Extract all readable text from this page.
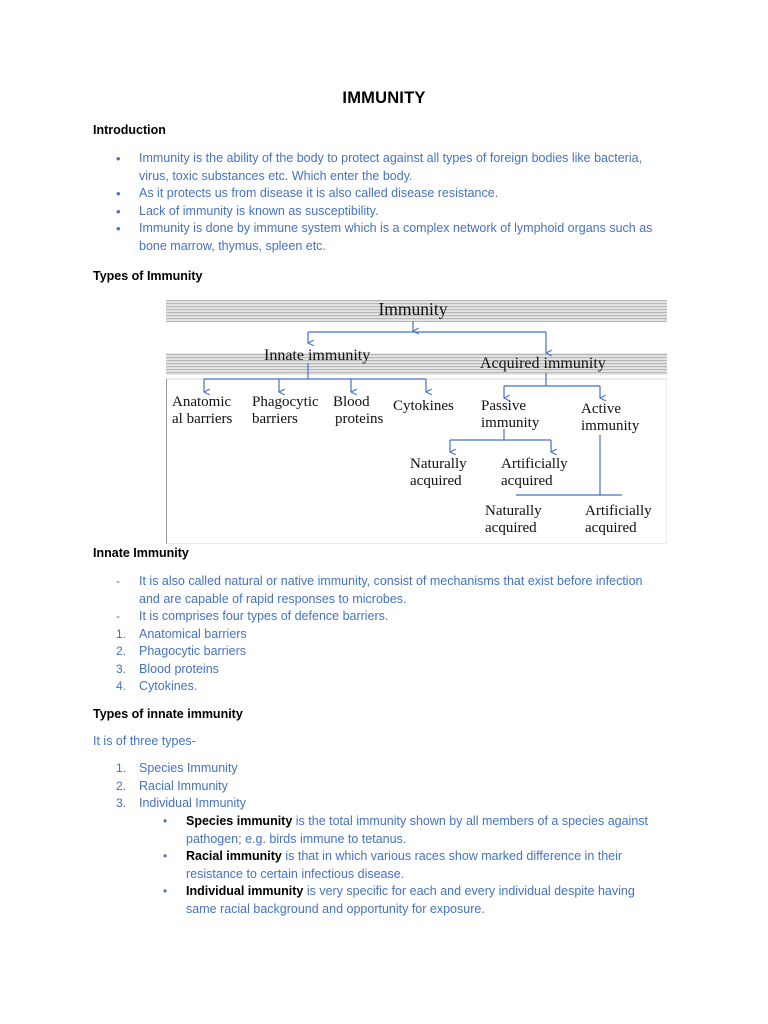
IMMUNITY
Introduction
• Immunity is the ability of the body to protect against all types of foreign bodies like bacteria,
virus, toxic substances etc. Which enter the body.
• As it protects us from disease it is also called disease resistance.
• Lack of immunity is known as susceptibility.
• Immunity is done by immune system which is a complex network of lymphoid organs such as
bone marrow, thymus, spleen etc.
Types of Immunity
Immunity
Innate immunity	Acquired immunity
Anatomic
al barriers
Phagocytic
barriers
Blood
proteins
Cytokines Passive
immunity
Active
immunity
Naturally
acquired
Artificially
acquired
Naturally
acquired
Artificially
acquired
Innate Immunity
- It is also called natural or native immunity, consist of mechanisms that exist before infection
and are capable of rapid responses to microbes.
- It is comprises four types of defence barriers.
1. Anatomical barriers
2. Phagocytic barriers
3. Blood proteins
4. Cytokines.
Types of innate immunity
It is of three types-
1. Species Immunity
2. Racial Immunity
3. Individual Immunity
• Species immunity is the total immunity shown by all members of a species against
pathogen; e.g. birds immune to tetanus.
• Racial immunity is that in which various races show marked difference in their
resistance to certain infectious disease.
• Individual immunity is very specific for each and every individual despite having
same racial background and opportunity for exposure.
